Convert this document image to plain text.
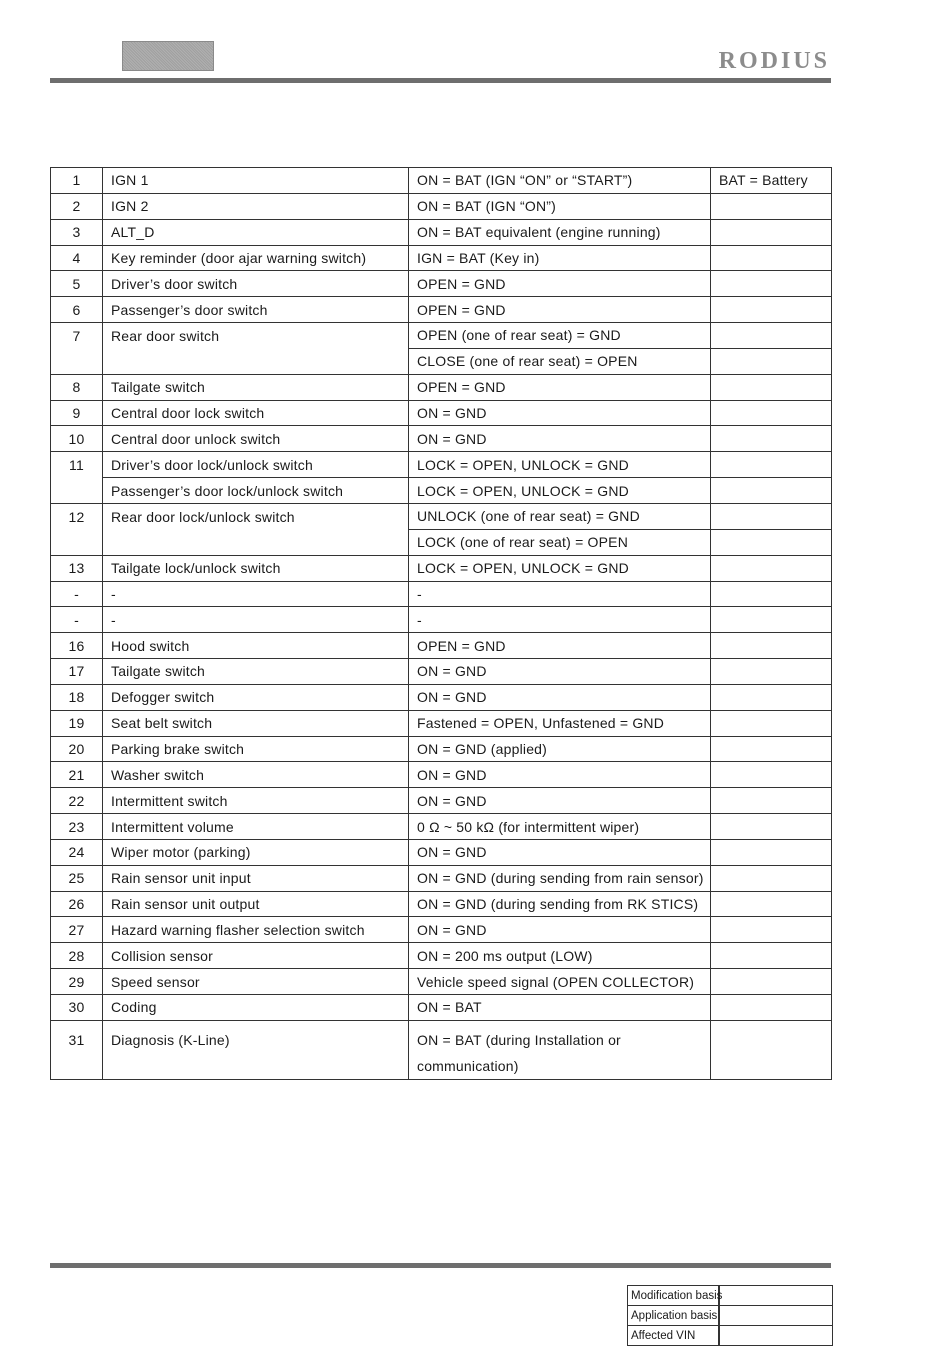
RODIUS
1	IGN 1	ON = BAT (IGN “ON” or “START”)	BAT = Battery
2	IGN 2	ON = BAT (IGN “ON”)	
3	ALT_D	ON = BAT equivalent (engine running)	
4	Key reminder (door ajar warning switch)	IGN = BAT (Key in)	
5	Driver’s door switch	OPEN = GND	
6	Passenger’s door switch	OPEN = GND	
7	Rear door switch	OPEN (one of rear seat) = GND	
		CLOSE (one of rear seat) = OPEN	
8	Tailgate switch	OPEN = GND	
9	Central door lock switch	ON = GND	
10	Central door unlock switch	ON = GND	
11	Driver’s door lock/unlock switch	LOCK = OPEN, UNLOCK = GND	
	Passenger’s door lock/unlock switch	LOCK = OPEN, UNLOCK = GND	
12	Rear door lock/unlock switch	UNLOCK (one of rear seat) = GND	
		LOCK (one of rear seat) = OPEN	
13	Tailgate lock/unlock switch	LOCK = OPEN, UNLOCK = GND	
-	-	-	
-	-	-	
16	Hood switch	OPEN = GND	
17	Tailgate switch	ON = GND	
18	Defogger switch	ON = GND	
19	Seat belt switch	Fastened = OPEN, Unfastened = GND	
20	Parking brake switch	ON = GND (applied)	
21	Washer switch	ON = GND	
22	Intermittent switch	ON = GND	
23	Intermittent volume	0 Ω ~ 50 kΩ (for intermittent wiper)	
24	Wiper motor (parking)	ON = GND	
25	Rain sensor unit input	ON = GND (during sending from rain sensor)	
26	Rain sensor unit output	ON = GND (during sending from RK STICS)	
27	Hazard warning flasher selection switch	ON = GND	
28	Collision sensor	ON = 200 ms output (LOW)	
29	Speed sensor	Vehicle speed signal (OPEN COLLECTOR)	
30	Coding	ON = BAT	
31	Diagnosis (K-Line)	ON = BAT (during Installation or communication)	
Modification basis	
Application basis	
Affected VIN	
